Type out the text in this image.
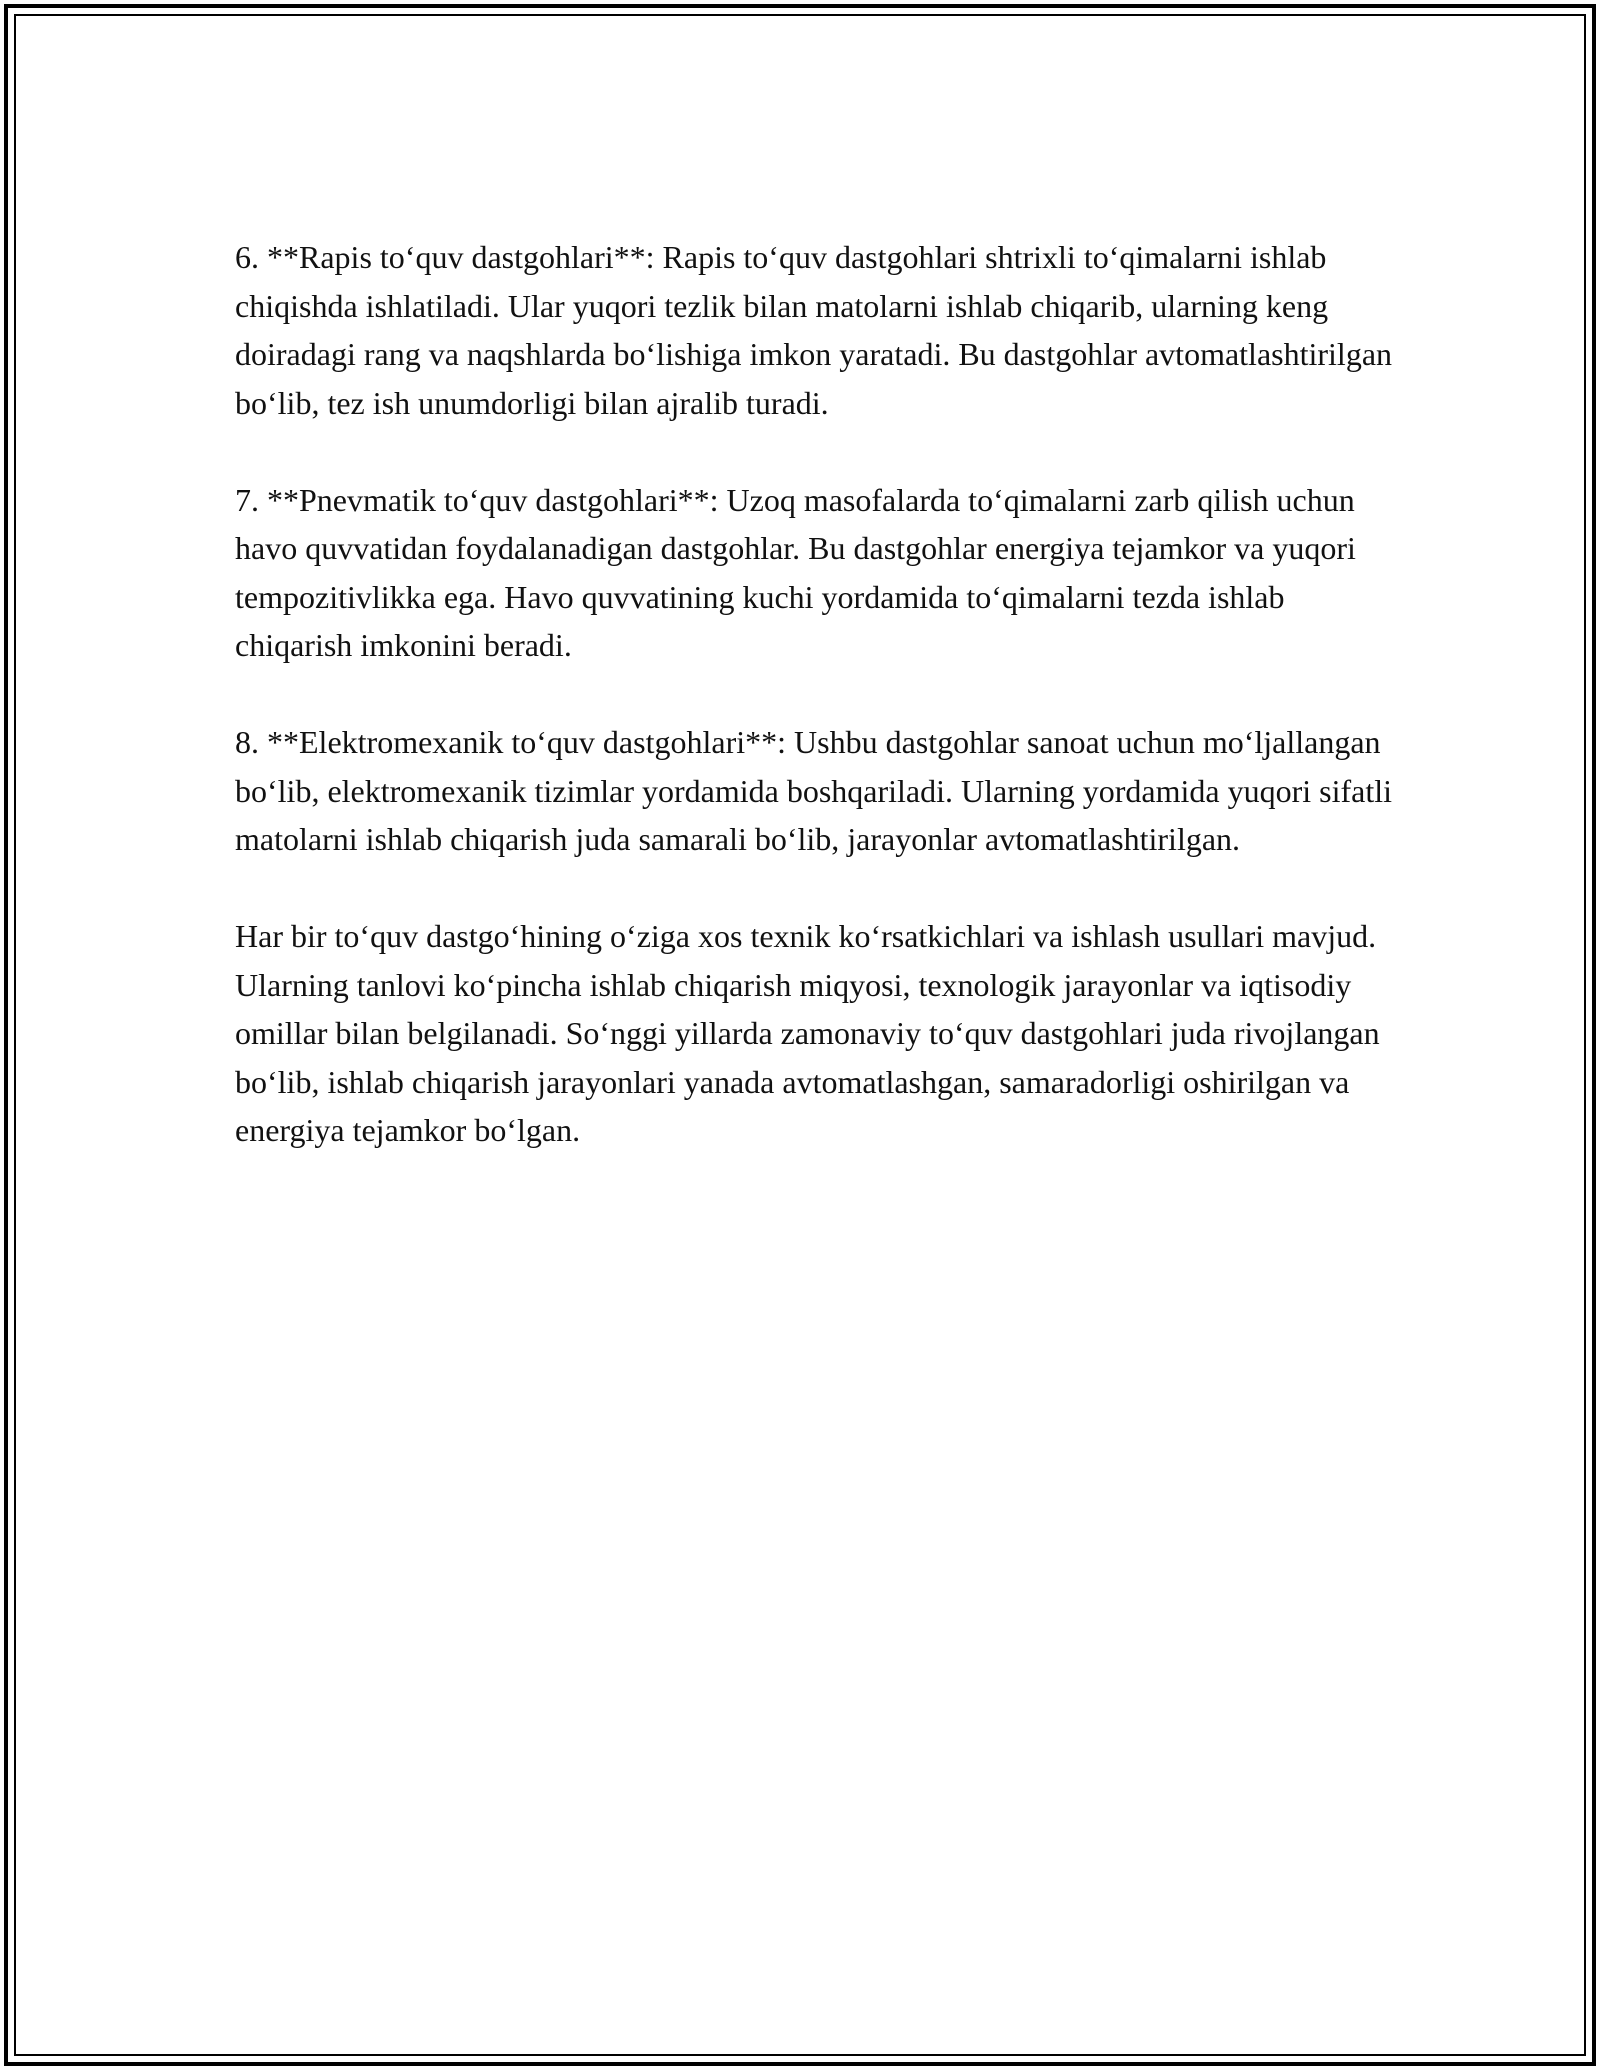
6. **Rapis to‘quv dastgohlari**: Rapis to‘quv dastgohlari shtrixli to‘qimalarni ishlab chiqishda ishlatiladi. Ular yuqori tezlik bilan matolarni ishlab chiqarib, ularning keng doiradagi rang va naqshlarda bo‘lishiga imkon yaratadi. Bu dastgohlar avtomatlashtirilgan bo‘lib, tez ish unumdorligi bilan ajralib turadi.

7. **Pnevmatik to‘quv dastgohlari**: Uzoq masofalarda to‘qimalarni zarb qilish uchun havo quvvatidan foydalanadigan dastgohlar. Bu dastgohlar energiya tejamkor va yuqori tempozitivlikka ega. Havo quvvatining kuchi yordamida to‘qimalarni tezda ishlab chiqarish imkonini beradi.

8. **Elektromexanik to‘quv dastgohlari**: Ushbu dastgohlar sanoat uchun mo‘ljallangan bo‘lib, elektromexanik tizimlar yordamida boshqariladi. Ularning yordamida yuqori sifatli matolarni ishlab chiqarish juda samarali bo‘lib, jarayonlar avtomatlashtirilgan.

Har bir to‘quv dastgo‘hining o‘ziga xos texnik ko‘rsatkichlari va ishlash usullari mavjud. Ularning tanlovi ko‘pincha ishlab chiqarish miqyosi, texnologik jarayonlar va iqtisodiy omillar bilan belgilanadi. So‘nggi yillarda zamonaviy to‘quv dastgohlari juda rivojlangan bo‘lib, ishlab chiqarish jarayonlari yanada avtomatlashgan, samaradorligi oshirilgan va energiya tejamkor bo‘lgan.
